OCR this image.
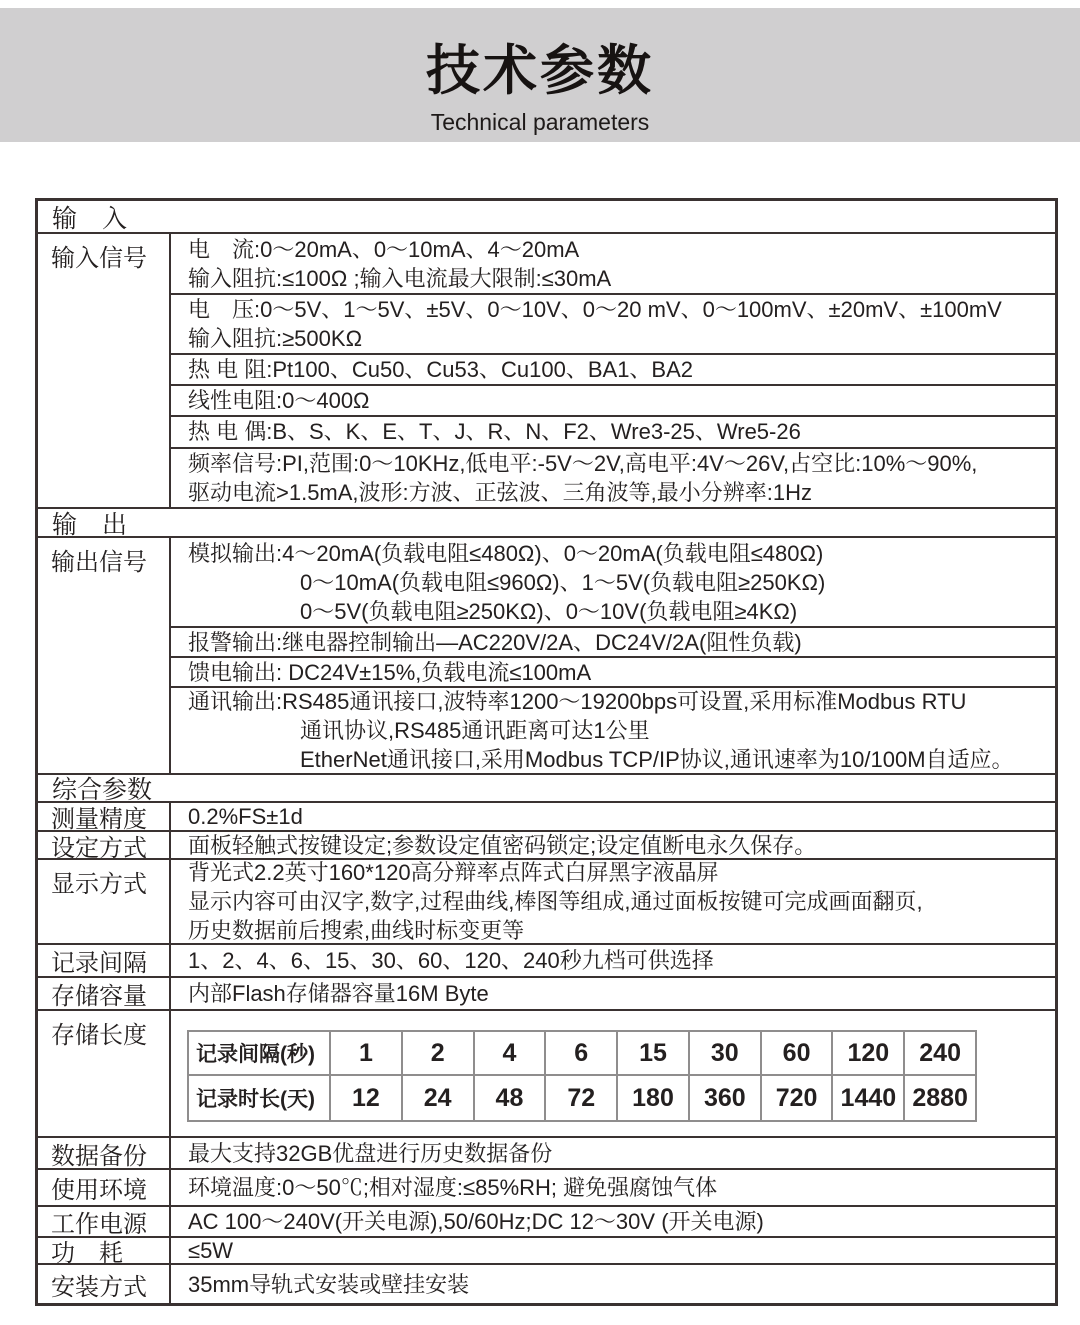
技术参数
Technical parameters
输　入
输入信号 电　流:0～20mA、0～10mA、4～20mA
输入阻抗:≤100Ω ;输入电流最大限制:≤30mA
电　压:0～5V、1～5V、±5V、0～10V、0～20 mV、0～100mV、±20mV、±100mV
输入阻抗:≥500KΩ
热 电 阻:Pt100、Cu50、Cu53、Cu100、BA1、BA2
线性电阻:0～400Ω
热 电 偶:B、S、K、E、T、J、R、N、F2、Wre3-25、Wre5-26
频率信号:PI,范围:0～10KHz,低电平:-5V～2V,高电平:4V～26V,占空比:10%～90%,
驱动电流>1.5mA,波形:方波、正弦波、三角波等,最小分辨率:1Hz
输　出
输出信号 模拟输出:4～20mA(负载电阻≤480Ω)、0～20mA(负载电阻≤480Ω)
0～10mA(负载电阻≤960Ω)、1～5V(负载电阻≥250KΩ)
0～5V(负载电阻≥250KΩ)、0～10V(负载电阻≥4KΩ)
报警输出:继电器控制输出—AC220V/2A、DC24V/2A(阻性负载)
馈电输出: DC24V±15%,负载电流≤100mA
通讯输出:RS485通讯接口,波特率1200～19200bps可设置,采用标准Modbus RTU
通讯协议,RS485通讯距离可达1公里
EtherNet通讯接口,采用Modbus TCP/IP协议,通讯速率为10/100M自适应。
综合参数
测量精度 0.2%FS±1d
设定方式 面板轻触式按键设定;参数设定值密码锁定;设定值断电永久保存。
显示方式 背光式2.2英寸160*120高分辩率点阵式白屏黑字液晶屏
显示内容可由汉字,数字,过程曲线,棒图等组成,通过面板按键可完成画面翻页,
历史数据前后搜索,曲线时标变更等
记录间隔 1、2、4、6、15、30、60、120、240秒九档可供选择
存储容量 内部Flash存储器容量16M Byte
存储长度
记录间隔(秒)	1	2	4	6	15	30	60	120	240
记录时长(天)	12	24	48	72	180	360	720 1440 2880
数据备份 最大支持32GB优盘进行历史数据备份
使用环境 环境温度:0～50℃;相对湿度:≤85%RH; 避免强腐蚀气体
工作电源 AC 100～240V(开关电源),50/60Hz;DC 12～30V (开关电源)
功　耗	≤5W
安装方式 35mm导轨式安装或壁挂安装
